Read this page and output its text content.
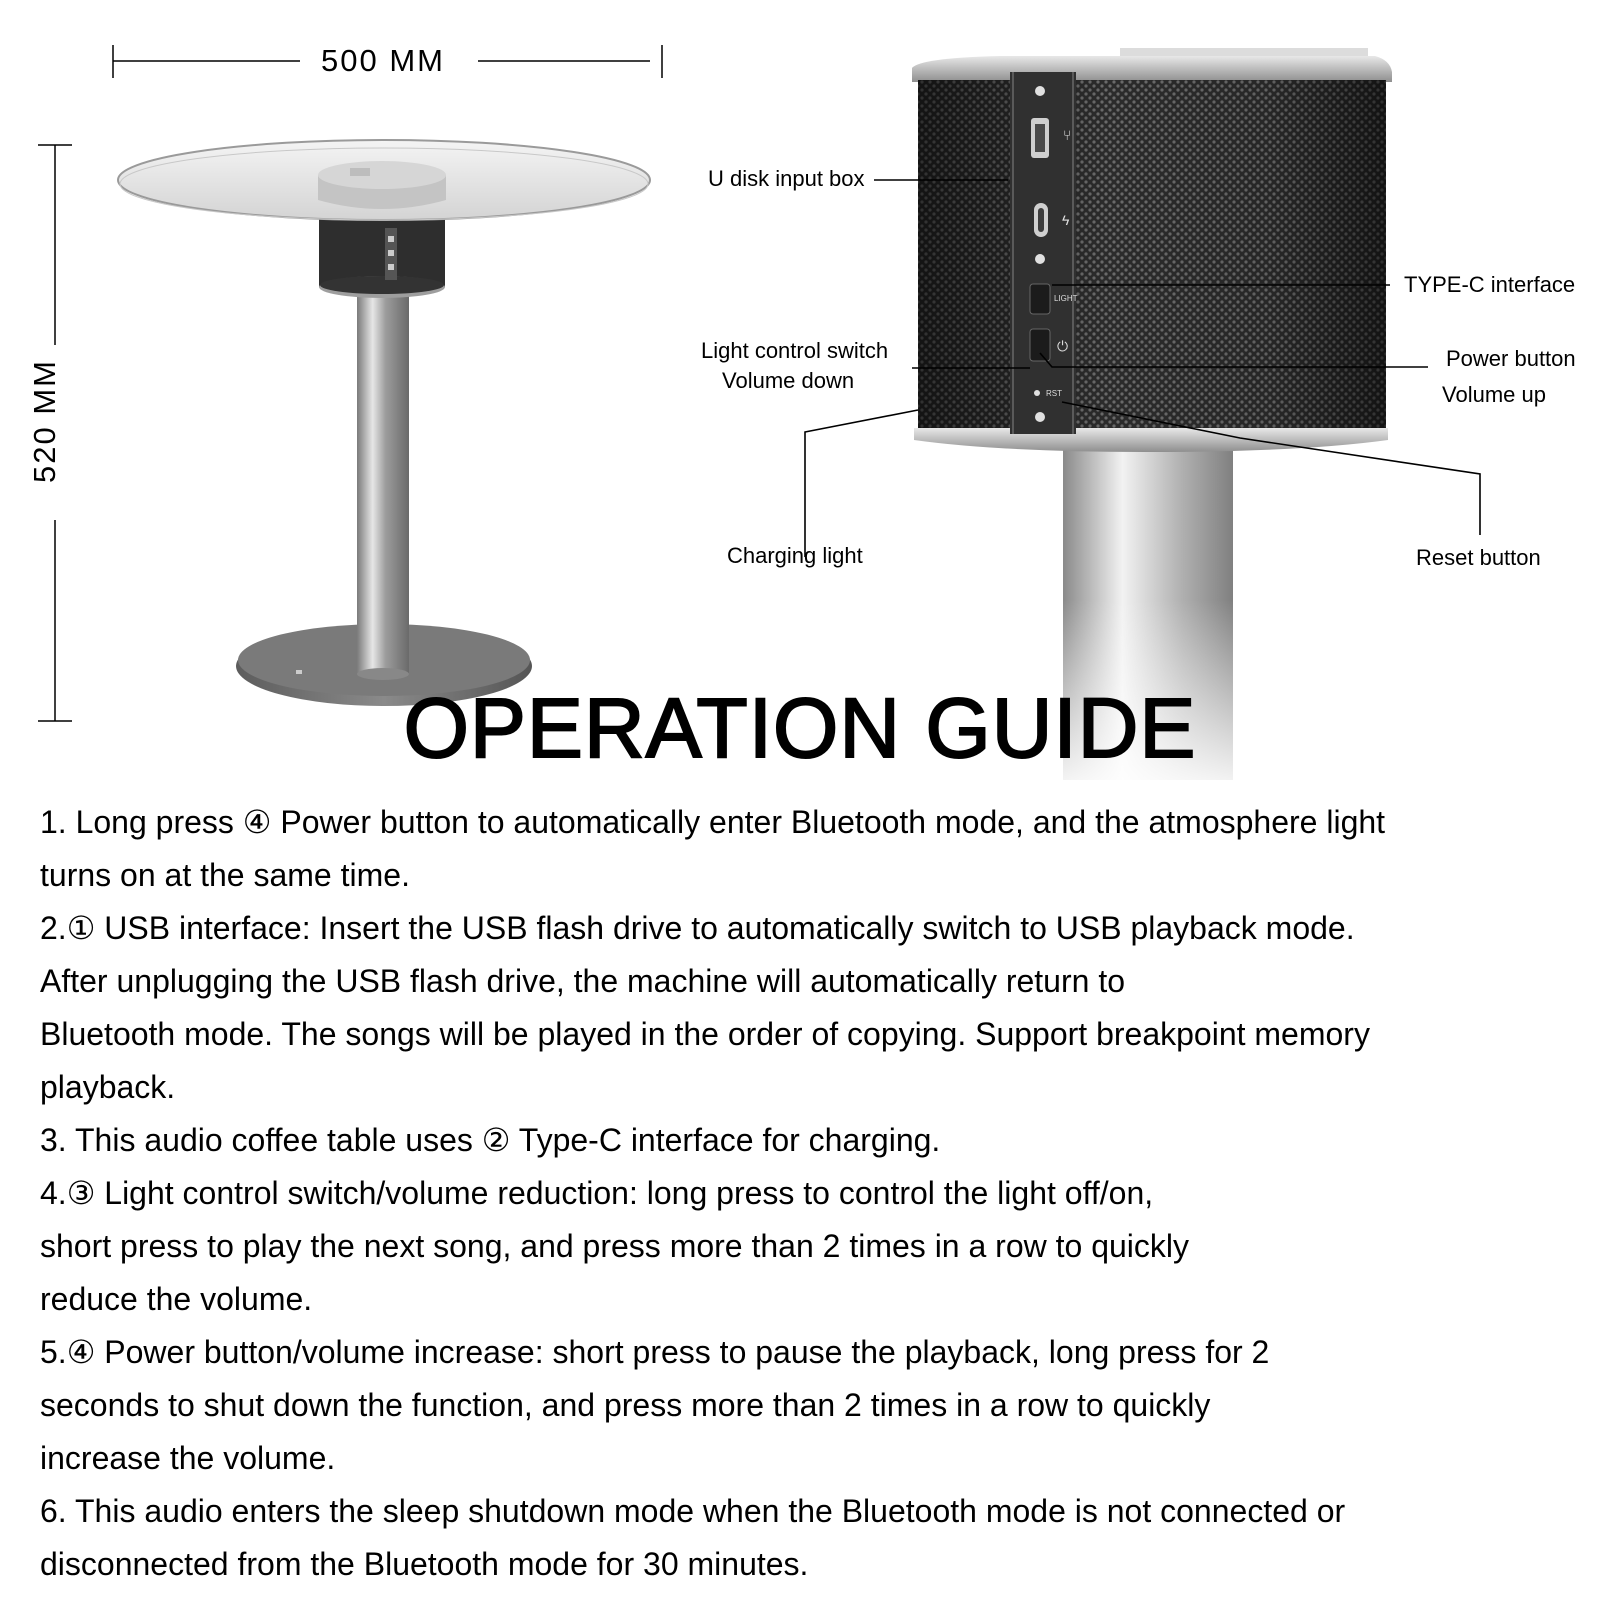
500 MM
520 MM
⑂
ϟ
LIGHT
⏻
RST
U disk input box
TYPE-C interface
Light control switch
Volume down
Power button
Volume up
Charging light	Reset button
OPERATION GUIDE
1. Long press ④ Power button to automatically enter Bluetooth mode, and the atmosphere light
turns on at the same time.
2.① USB interface: Insert the USB flash drive to automatically switch to USB playback mode.
After unplugging the USB flash drive, the machine will automatically return to
Bluetooth mode. The songs will be played in the order of copying. Support breakpoint memory
playback.
3. This audio coffee table uses ② Type-C interface for charging.
4.③ Light control switch/volume reduction: long press to control the light off/on,
short press to play the next song, and press more than 2 times in a row to quickly
reduce the volume.
5.④ Power button/volume increase: short press to pause the playback, long press for 2
seconds to shut down the function, and press more than 2 times in a row to quickly
increase the volume.
6. This audio enters the sleep shutdown mode when the Bluetooth mode is not connected or
disconnected from the Bluetooth mode for 30 minutes.
